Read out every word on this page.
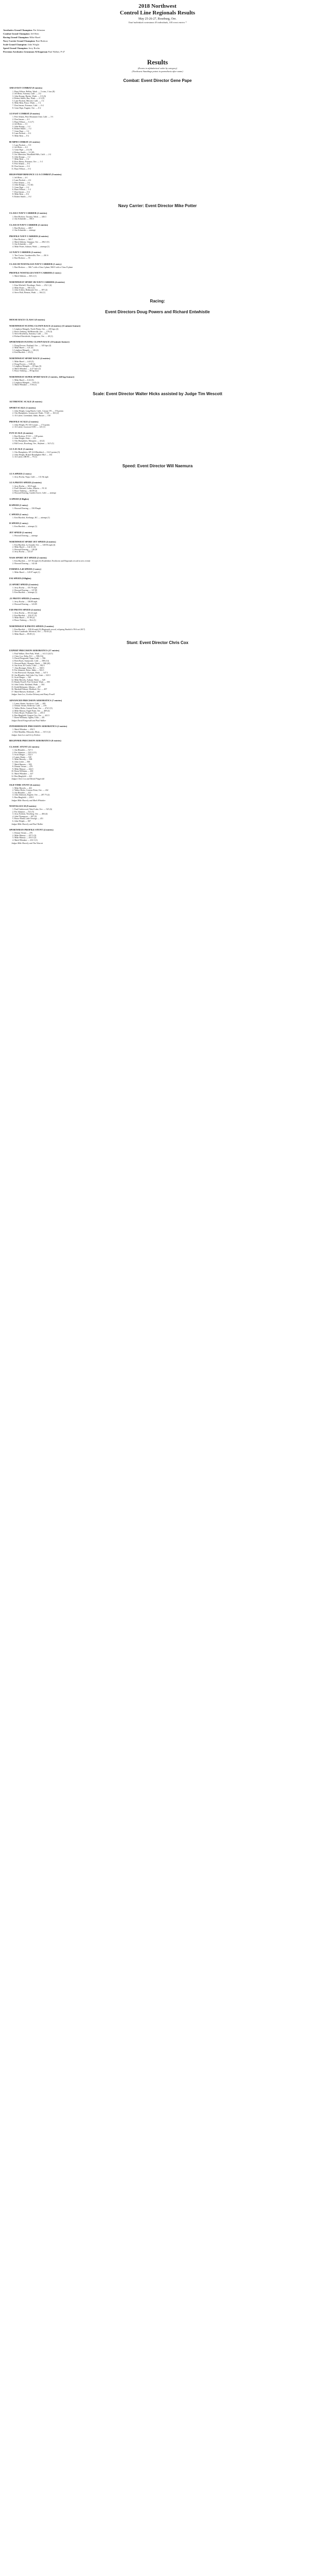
2018 Northwest
Control Line Regionals Results
May 25-26-27, Roseburg, Ore.
Total individual contestants 43 individuals, 105 event entries *
Aerobatics Grand Champion: Pat Johnston
Combat Grand Champion: Jeff Rein
Racing Grand Champion: Mike Hazel
Navy Carrier Grand Champion: Bart Brokow
Scale Grand Champion: John Wright
Speed Grand Champion: Jerry Rocha
Precision Aerobatics Grummon Al Kegarnan Paul Walker, P-47
Results
(Events in alphabetical order by category)
(Northwest Standings points in parenthesis after name)
Combat: Event Director Gene Pape
AMA FAST COMBAT (9 entries)
1. Buzz Wilson, Bellair, Wash. — 5 wins, 1 loss (8)
2. Jeff Rein, Sonoma, Calif. — 4-2
3. John Knopp, Burien, Wash. — 3-3 (6)
4. Robert Smith, Bay, Wash. — 2-3 (5)
5. Lane Puckett, Merced, Calif. — 1-2
6. Mike Rein, Pasco, Wash. — 1-2
7. Don Jensen, Potomac, Calif. — 0-2
8. Gene Pape, Eugene, Ore. — 0-2
1/2 FAST COMBAT (9 entries)
1. Pete Athans, Pine Mountain Club, Calif. — 5-1
2. Don Jensen — 4-1
3. Buzz Wilson — 3-2 (7)
4. Jeff Rein — 3-1
5. John Knopp — 1-2
6. Robert Smith — 1-2
7. Gene Pape — 1-2
8. Lane Puckett — 0-2
9. Mike Rein — 0-2
80 MPH COMBAT (11 entries)
1. Lane Puckett — 5-0
2. Jeff Rein — 4-2
3. Gene Pape — 4-2 (9)
4. Robert Smith — 3-3 (8)
5. Joe Alberston, Woodland Hills, Calif. — 2-2
6. John Knopp — 1-2
7. Mike Rein — 1-2
8. Ross Henry, Potomac, Ore. — 1-2
9. Pete Athans — 0-2
10. Don Jensen — 0-2
11. Buzz Wilson — 0-2
HIGH-PERFORMANCE 1/2 A COMBAT (9 entries)
1. Jeff Rein — 4-1
2. Lane Puckett — 4-2
3. Pete Athans — 3-2
4. John Knopp — 3-2 (6)
5. Gene Pape — 2-2
6. Buzz Wilson — 1-2
7. Don Jensen — 0-2
8. Mike Rein — 0-2
9. Robert Smith — 0-2
Navy Carrier: Event Director Mike Potter
CLASS I NAVY CARRIER (2 entries)
1. Bart Brokow, Tacoma, Wash. — 446.3
2. Jim Schneider — 390.5
CLASS II NAVY CARRIER (2 entries)
1. Bart Brokow — 408.7
2. Jim Schneider — attempt
PROFILE NAVY CARRIER (4 entries)
1. Bart Brokow — 365.7
2. Mark Sikkens, Umpqua, Ore. — 296.5 (5)
3. Jim Schneider — 247
4. Mike Potter, Auburn, Wash. — attempt (1)
1/2 NAVY CARRIER (2 entries)
1. Tim Cortez, Goodnerville, Nev. — 261.6
2. Bart Brokow — 55
CLASS III NOSTALGIA NAVY CARRIER (1 entry)
1. Bart Brokow — 366.7 with a Class I plane; 968.9 with a Class II plane
PROFILE NOSTALGIA NAVY CARRIER (1 entry)
1. Mark Sikkens — 365.2 (1)
NORTHWEST SPORT JR NAVY CARRIER (4 entries)
1. Kim Mitchell, Woodinge, Wash. — 252.1 (4)
2. Mike Potter — 190.3 (3)
3. John Uchley, Redmond, Ore. — 187 (2)
4. Steve Holt, Renton, Wash. — 164 (1)
Racing:
Event Directors Doug Powers and Richard Entwhistle
MOUSE RACE CLASS I (0 entries)
NORTHWEST FLYING CLOWN RACE (4 entries) (11 minute feature)
1. Leighton Mangels, North Plains, Ore. — 250 laps (4)
2. Bruce Tenberg, McMinnville, Ore. — 178 (3)
3. Steve Roseberry, Sonoma, Calif. — 174
4. Richard Entwhistle, Scappoose, Ore. — 40 (1)
SPORTSMAN FLYING CLOWN RACE (10 minute feature)
1. Doug Powers, Portland, Ore. — 145 laps (4)
2. Mike Hazel — 121 (3)
3. Leighton Mangels — 126 (2)
4. Ken Burdick — 29 (1)
NORTHWEST SPORT RACE (4 entries)
1. Mike Hazel — 4:43 (5)
2. Doug Powers — 5:08 (4)
3. Leighton Mangels — 65 laps (3)
4. Mark Whitaker — 4:27 fuse (2)
5. Bruce Tenberg — 89 lap heat
NORTHWEST SUPER SPORT RACE (3 entries, 140 lap feature)
1. Mike Hazel — 6:32 (3)
2. Leighton Mangels — 9:05 (2)
3. Mark Whitaker — 9:56 (1)
Scale: Event Director Walter Hicks assisted by Judge Tim Wescott
AUTHENTIC SCALE (0 entries)
SPORT SCALE (3 entries)
1. John Wright, Long Beach, Calif., Cessna 170 — 174 points
2. Otis Humphries, Lynnwood, Wash., T-34C — 163 (2)
3. Al Culver, Greenland, Idaho, Buster — 150
PROFILE SCALE (2 entries)
1. John Wright, FG-1D Corsair — 174 points
2. Al Culver, Goorwat CO81 — 125 (1)
FUN SCALE (4 entries)
1. Bart Brokow, P-51C — 109 points
2. John Wright, Zeke — 103
3. Otis Humphries, Mosquito — 44 (2)
4. Bill Lewis, Roseburg, Ore., Skyhunt — 34.5 (1)
1/2 A SCALE (3 entries)
1. Otis Humphries, SP-12A Blackbird — 114.5 points (3)
2. John Wright, Bristol Beaufighter Mk I — 102
3. Al Culver, DH 89 — 79 (1)
Speed: Event Director Will Naemura
1/2 A SPEED (1 entry)
1. Jerry Rocha, Napa, Calif. — 131.9k mph
1/2 A PROTO SPEED (4 entries)
1. Jerry Rocha — 103.9 mph
2. Paul Gibeault, Lodus, Alberta — 91.32
3. Bruce Tenberg — 66.09 (2)
4. Howard Doering, Garden Grove, Calif. — attempt
A SPEED (0 flights)
B SPEED (1 entry)
1. Howard Doering — 150.95mph
C SPEED (1 entry)
1. Ken Burdick, Keelungs, KC — attempt (1)
D SPEED (1 entry)
1. Ken Burdick — attempt (1)
JET SPEED (2 entries)
1. Howard Doering — attempt
NORTHWEST SPORT JET SPEED (4 entries)
1. Ken Burdick, La Grande, Ore. — 148.96 mph (4)
2. Mike Hazel — 142.31 (3)
3. Howard Doering — 130.28
4. Jerry Rocha — 123.47
NASS SPORT JET SPEED (2 entries)
1. Ken Burdick — 147.36 mph (3) (Establishes Northwest and Regionals record in new event)
2. Howard Doering — 142.46
FORMULA 40 SPEED (1 entry)
1. Mike Hazel — 120.97 mph (1)
FAI SPEED (0 flights)
21 SPORT SPEED (4 entries)
1. Jerry Rocha — 155.78 mph
2. Howard Doering — 137.89
3. Ken Burdick — attempt (1)
.21 PROTO SPEED (2 entries)
1. Jerry Rocha — 138.89 mph
2. Howard Doering — 123.85
F2D PROTO SPEED (4 entries)
1. Jerry Rocha — 103.42 mph
2. Ken Burdick — 102.47 (3)
3. Mike Hazel — 97.09 (2)
4. Bruce Tenberg — 96.4 (1)
NORTHWEST B PROTO SPEED (3 entries)
1. Ken Burdick — 108.26 mph (3) (Regionals record, eclipsing Burdick's 99.6 set 2017)
2. Steve Lauderale, Silverton, Ore. — 92.65 (2)
3. Mike Hazel — 89.85 (1)
Stunt: Event Director Chris Cox
EXPERT PRECISION AEROBATICS (17 entries)
1. Paul Walker, Deer Park, Wash. — 611.5 (24.5)
2. Chris Cox, Delta, B.C. — 598 (16)
3. David Fitzgerald, Napa, Calif. — 596
4. Brett Buck, Sunnyvale, Calif. — 588 (14)
5. Howard Rush, Olympia, Wash. — 586 (20)
6. Jim Aron, El Cerrito, Calif. — 582.5
7. Alan Resinger, Delta, B.C. — 569.5
8. Pat Johnston, Boise, Idaho — 563.5
9. Jim Hoewood, Olympia, Wash. — 547.5
10. Jim Rhoades, Salt Lake City, Utah — 525.5
11. Scott Dinger — 520
12. Mike Haverly, Auburn, Wash. — 520
13. Randy Powell, Port Orchard, Wash. — 503
14. John Leslie, Kirkland, Wash. — 504
15. Keith Belmonte, Alberta — 497
16. Marshall Palmer, Medford, Ore. — 497
17. Mark Hansen, Kirkland — 497
Judges Jann Lee, Gordon Delaney and Rusty Powell
ADVANCED PRECISION AEROBATICS (7 entries)
1. Lanny Shutts, Stockton, Calif. — 485
2. Dennis Vernes, Bellevue, Calif. — 476
3. Walter Hicks, Central Point, Ore. — 474.5 (5)
4. Mike Massey, Eagle Point, Ore. — 469 (4)
5. Drew Royer, Portland, Ore. — 455.5
6. Ben Bingfield, Oregon City, Ore. — 441.5
7. Brent Williams, Ogden, Utah — 431
Judges David Fitzgerald and Paul Walker
INTERMEDIATE PRECISION AEROBATICS (2 entries)
1. Mark Whitaker — 492.5
2. Bob Mauldin, Missoula, Mont. — 315.5 (2)
Judges Jann Lee and Jerry Eichten
BEGINNER PRECISION AEROBATICS (0 entries)
CLASSIC STUNT (12 entries)
1. Jim Rhoades — 527.5
2. Pat Johnston — 525.5 (11)
3. Scott Dinger — 522.5
4. Lanny Shutts — 520
5. Mike Haverly — 508
6. John Leslie — 506
7. Mark Hansen — 503
8. Dennis Vernes — 479
9. Mike Massey — 444.5
10. Brent Williams — 430
11. Mark Whitaker — 427
12. Ben Bingfield — 421
Judges Chris Cox and David Fitzgerald
OLD-TIME STUNT (6 entries)
1. Mike Haverly — 461
2. Walter Hicks, Creston Point, Ore. — 432
3. Jim Rhoades — 422
4. John Johnston, Eugene, Ore. — 287.75 (2)
5. Ben Bingfield — 239.5
Judges Mike Haverly and Mark Whitaker
NOSTALGIA 30 (8 entries)
1. Paul Underwood, Ward Lake, Ore. — 525 (6)
2. Pat Johnston — 521 (5)
3. Jerry Eichten, Newberg, Ore. — 484 (4)
4. John Thompson — 467 (3)
5. Bruce Eland, Lake Oswego — 451
6. John Wright — 367
Judges Mike Haverly and Paul Walker
SPORTSMAN PROFILE STUNT (4 entries)
1. Dennis Vernes — 476
2. Mike Massey — 457.5 (3)
3. Mike Massey — 433.5 (2)
4. Mark Whitaker — 431.5 (1)
Judges Mike Haverly and Tim Wescott
